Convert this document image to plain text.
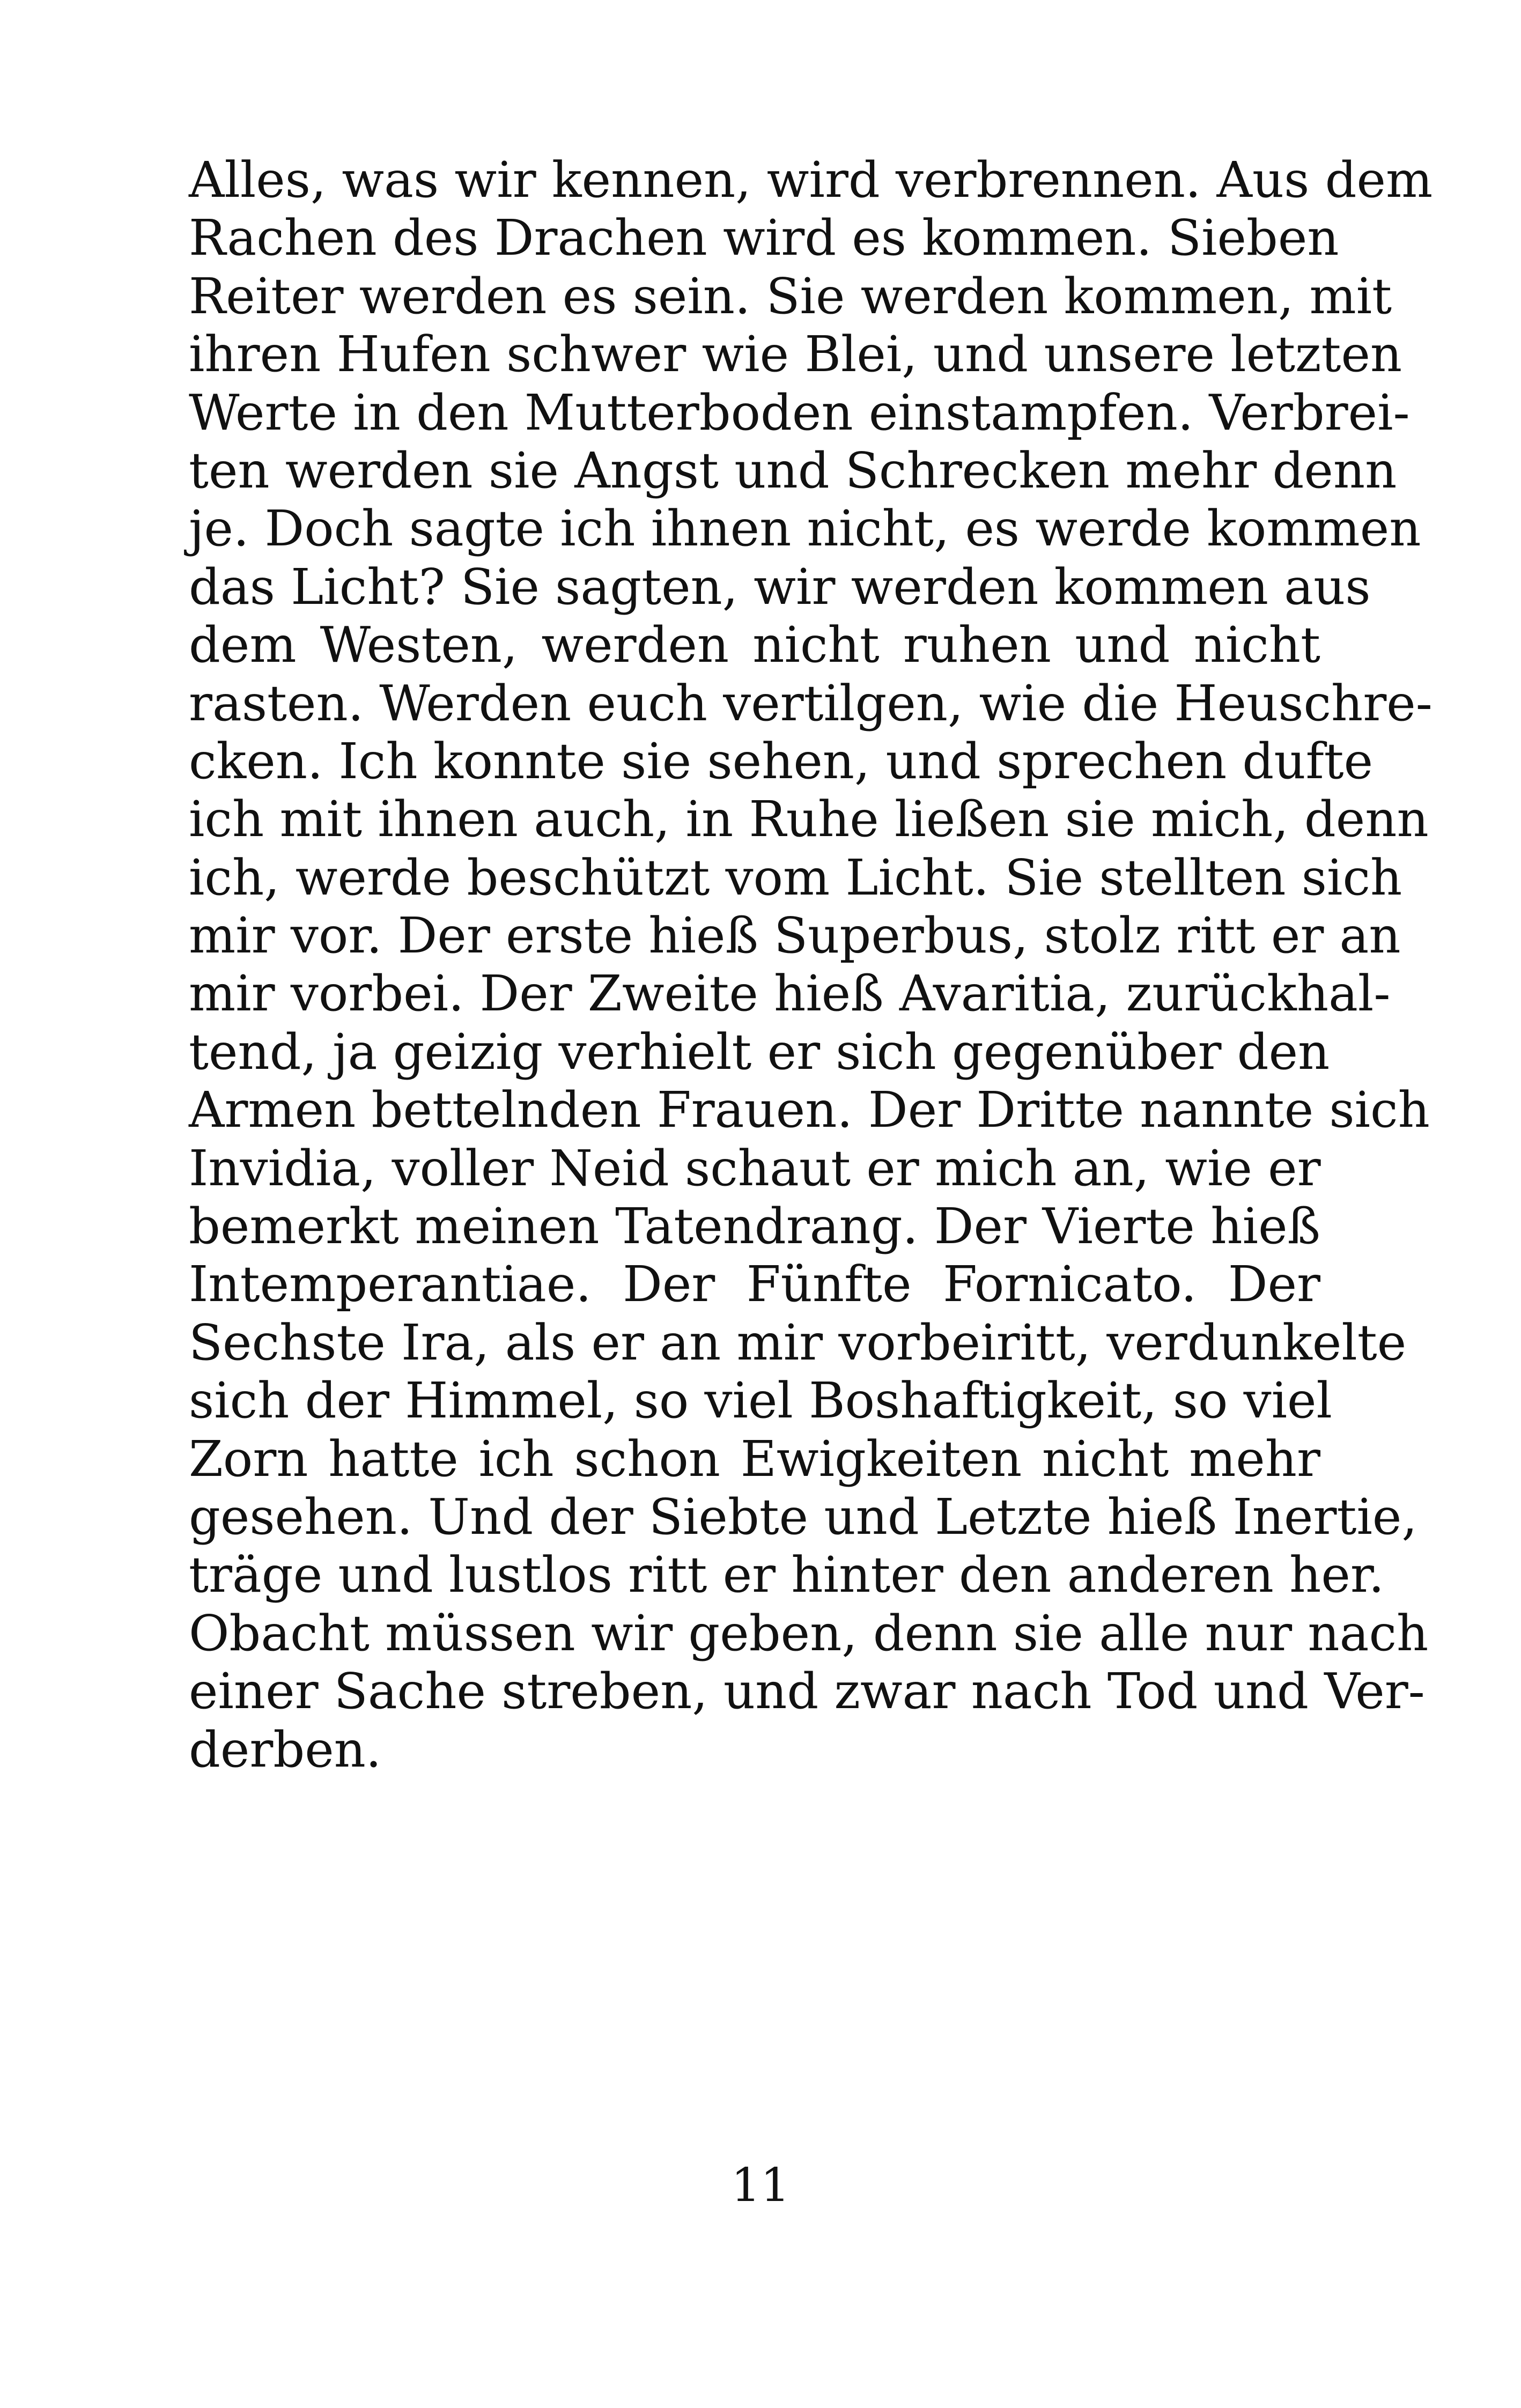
Alles, was wir kennen, wird verbrennen. Aus dem
Rachen des Drachen wird es kommen. Sieben
Reiter werden es sein. Sie werden kommen, mit
ihren Hufen schwer wie Blei, und unsere letzten
Werte in den Mutterboden einstampfen. Verbrei-
ten werden sie Angst und Schrecken mehr denn
je. Doch sagte ich ihnen nicht, es werde kommen
das Licht? Sie sagten, wir werden kommen aus
dem Westen, werden nicht ruhen und nicht
rasten. Werden euch vertilgen, wie die Heuschre-
cken. Ich konnte sie sehen, und sprechen dufte
ich mit ihnen auch, in Ruhe ließen sie mich, denn
ich, werde beschützt vom Licht. Sie stellten sich
mir vor. Der erste hieß Superbus, stolz ritt er an
mir vorbei. Der Zweite hieß Avaritia, zurückhal-
tend, ja geizig verhielt er sich gegenüber den
Armen bettelnden Frauen. Der Dritte nannte sich
Invidia, voller Neid schaut er mich an, wie er
bemerkt meinen Tatendrang. Der Vierte hieß
Intemperantiae. Der Fünfte Fornicato. Der
Sechste Ira, als er an mir vorbeiritt, verdunkelte
sich der Himmel, so viel Boshaftigkeit, so viel
Zorn hatte ich schon Ewigkeiten nicht mehr
gesehen. Und der Siebte und Letzte hieß Inertie,
träge und lustlos ritt er hinter den anderen her.
Obacht müssen wir geben, denn sie alle nur nach
einer Sache streben, und zwar nach Tod und Ver-
derben.
11
